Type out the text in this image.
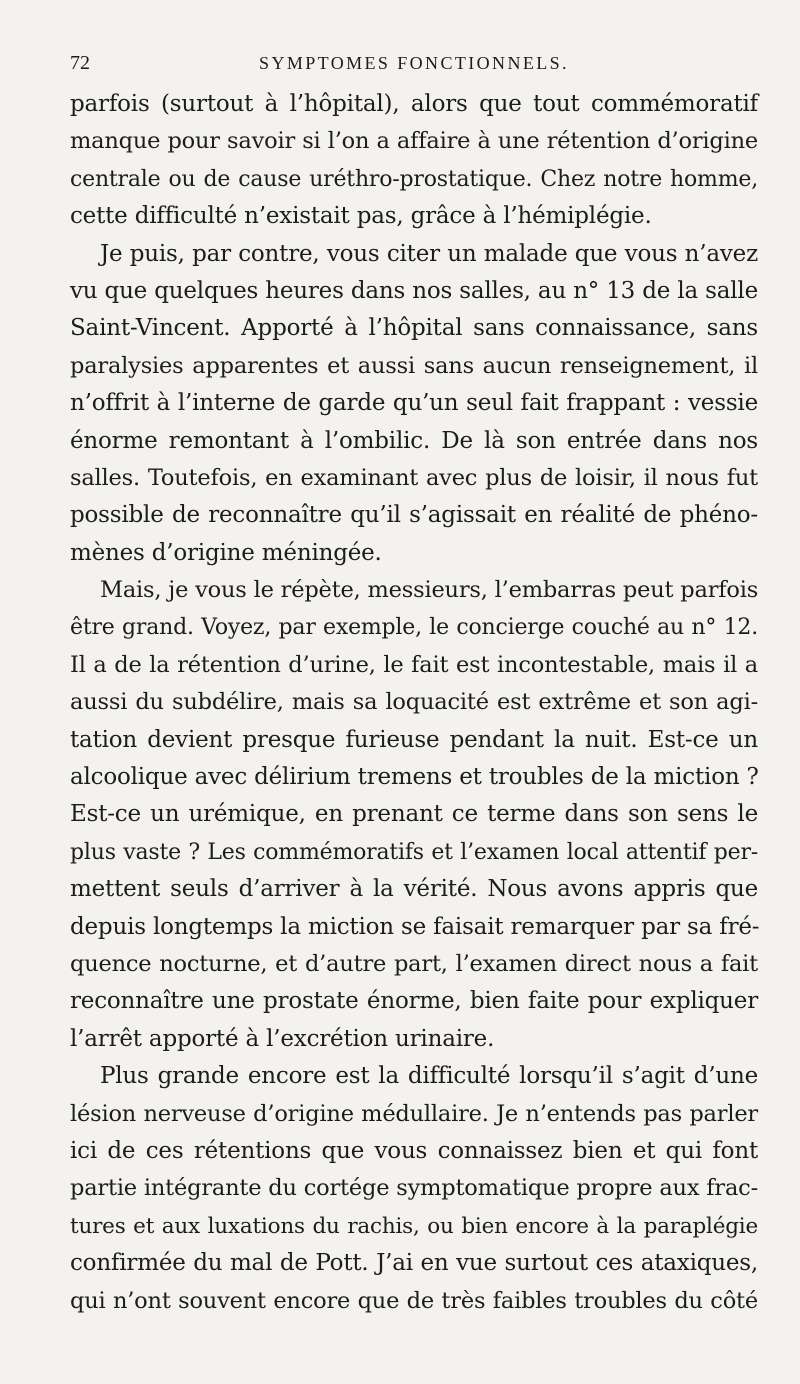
72	SYMPTOMES FONCTIONNELS.
parfois (surtout à l’hôpital), alors que tout commémoratif
manque pour savoir si l’on a affaire à une rétention d’origine
centrale ou de cause uréthro-prostatique. Chez notre homme,
cette difficulté n’existait pas, grâce à l’hémiplégie.
Je puis, par contre, vous citer un malade que vous n’avez
vu que quelques heures dans nos salles, au n° 13 de la salle
Saint-Vincent. Apporté à l’hôpital sans connaissance, sans
paralysies apparentes et aussi sans aucun renseignement, il
n’offrit à l’interne de garde qu’un seul fait frappant : vessie
énorme remontant à l’ombilic. De là son entrée dans nos
salles. Toutefois, en examinant avec plus de loisir, il nous fut
possible de reconnaître qu’il s’agissait en réalité de phéno-
mènes d’origine méningée.
Mais, je vous le répète, messieurs, l’embarras peut parfois
être grand. Voyez, par exemple, le concierge couché au n° 12.
Il a de la rétention d’urine, le fait est incontestable, mais il a
aussi du subdélire, mais sa loquacité est extrême et son agi-
tation devient presque furieuse pendant la nuit. Est-ce un
alcoolique avec délirium tremens et troubles de la miction ?
Est-ce un urémique, en prenant ce terme dans son sens le
plus vaste ? Les commémoratifs et l’examen local attentif per-
mettent seuls d’arriver à la vérité. Nous avons appris que
depuis longtemps la miction se faisait remarquer par sa fré-
quence nocturne, et d’autre part, l’examen direct nous a fait
reconnaître une prostate énorme, bien faite pour expliquer
l’arrêt apporté à l’excrétion urinaire.
Plus grande encore est la difficulté lorsqu’il s’agit d’une
lésion nerveuse d’origine médullaire. Je n’entends pas parler
ici de ces rétentions que vous connaissez bien et qui font
partie intégrante du cortége symptomatique propre aux frac-
tures et aux luxations du rachis, ou bien encore à la paraplégie
confirmée du mal de Pott. J’ai en vue surtout ces ataxiques,
qui n’ont souvent encore que de très faibles troubles du côté
